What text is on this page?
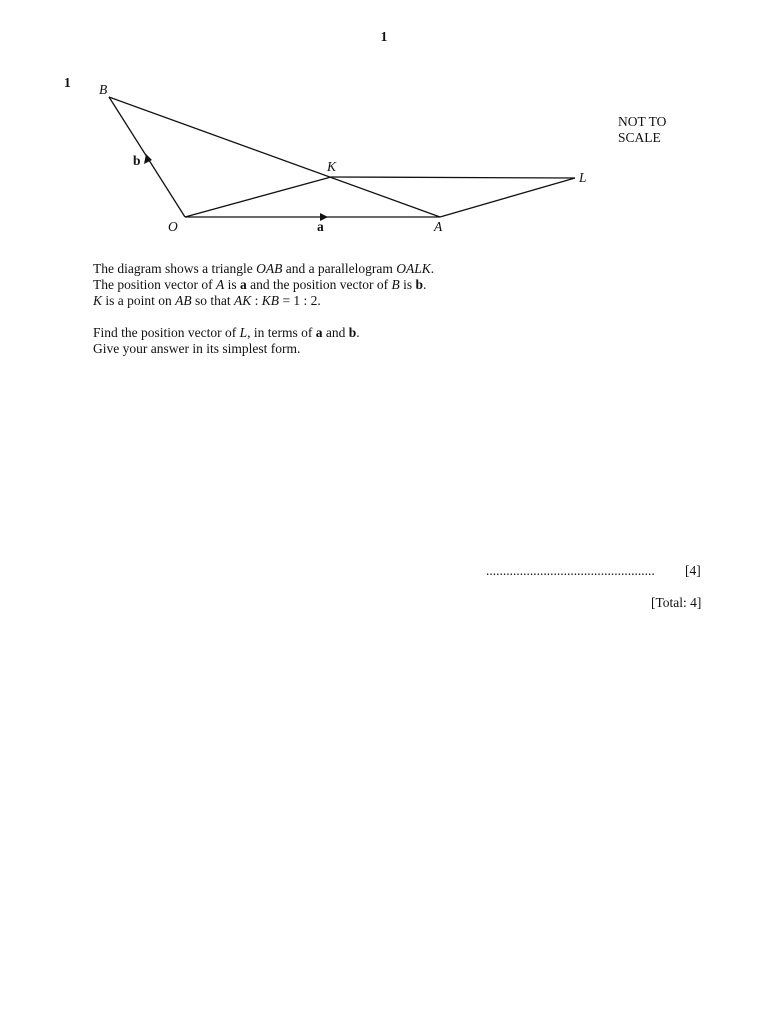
1
1 B
K
L
O	A
b
a
NOT TO
SCALE
The diagram shows a triangle OAB and a parallelogram OALK.
The position vector of A is a and the position vector of B is b.
K is a point on AB so that AK : KB = 1 : 2.
Find the position vector of L, in terms of a and b.
Give your answer in its simplest form.
.................................................. [4]
[Total: 4]
